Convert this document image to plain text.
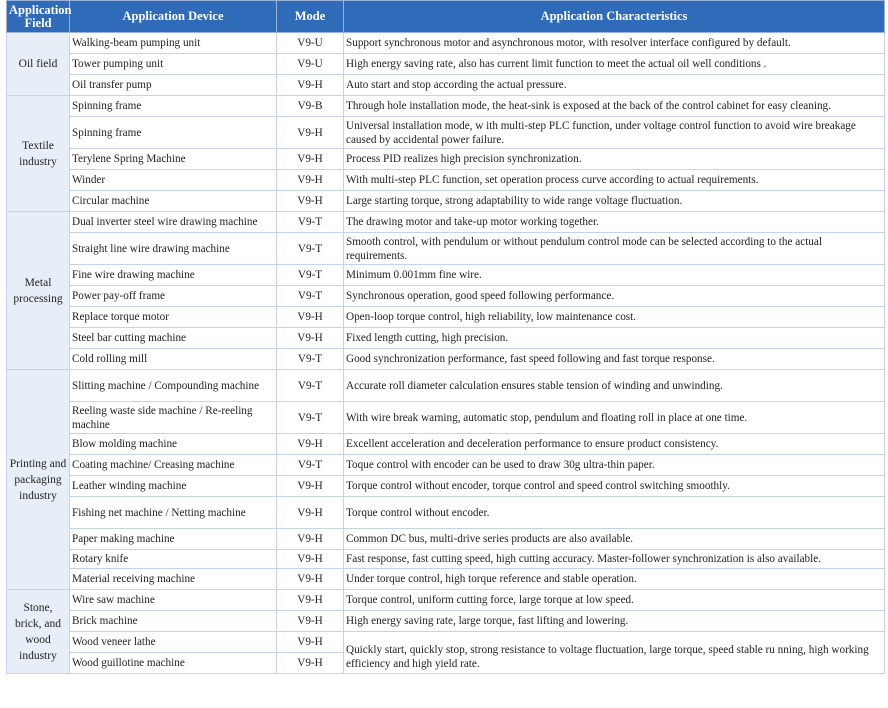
Application Field	Application Device	Mode	Application Characteristics
Oil field	Walking-beam pumping unit	V9-U	Support synchronous motor and asynchronous motor, with resolver interface configured by default.
	Tower pumping unit	V9-U	High energy saving rate, also has current limit function to meet the actual oil well conditions .
	Oil transfer pump	V9-H	Auto start and stop according the actual pressure.
Textile industry	Spinning frame	V9-B	Through hole installation mode, the heat-sink is exposed at the back of the control cabinet for easy cleaning.
	Spinning frame	V9-H	Universal installation mode, w ith multi-step PLC function, under voltage control function to avoid wire breakage caused by accidental power failure.
	Terylene Spring Machine	V9-H	Process PID realizes high precision synchronization.
	Winder	V9-H	With multi-step PLC function, set operation process curve according to actual requirements.
	Circular machine	V9-H	Large starting torque, strong adaptability to wide range voltage fluctuation.
Metal processing	Dual inverter steel wire drawing machine	V9-T	The drawing motor and take-up motor working together.
	Straight line wire drawing machine	V9-T	Smooth control, with pendulum or without pendulum control mode can be selected according to the actual requirements.
	Fine wire drawing machine	V9-T	Minimum 0.001mm fine wire.
	Power pay-off frame	V9-T	Synchronous operation, good speed following performance.
	Replace torque motor	V9-H	Open-loop torque control, high reliability, low maintenance cost.
	Steel bar cutting machine	V9-H	Fixed length cutting, high precision.
	Cold rolling mill	V9-T	Good synchronization performance, fast speed following and fast torque response.
Printing and packaging industry	Slitting machine / Compounding machine	V9-T	Accurate roll diameter calculation ensures stable tension of winding and unwinding.
	Reeling waste side machine / Re-reeling machine	V9-T	With wire break warning, automatic stop, pendulum and floating roll in place at one time.
	Blow molding machine	V9-H	Excellent acceleration and deceleration performance to ensure product consistency.
	Coating machine/ Creasing machine	V9-T	Toque control with encoder can be used to draw 30g ultra-thin paper.
	Leather winding machine	V9-H	Torque control without encoder, torque control and speed control switching smoothly.
	Fishing net machine / Netting machine	V9-H	Torque control without encoder.
	Paper making machine	V9-H	Common DC bus, multi-drive series products are also available.
	Rotary knife	V9-H	Fast response, fast cutting speed, high cutting accuracy. Master-follower synchronization is also available.
	Material receiving machine	V9-H	Under torque control, high torque reference and stable operation.
Stone, brick, and wood industry	Wire saw machine	V9-H	Torque control, uniform cutting force, large torque at low speed.
	Brick machine	V9-H	High energy saving rate, large torque, fast lifting and lowering.
	Wood veneer lathe	V9-H	Quickly start, quickly stop, strong resistance to voltage fluctuation, large torque, speed stable ru nning, high working efficiency and high yield rate.
	Wood guillotine machine	V9-H	
